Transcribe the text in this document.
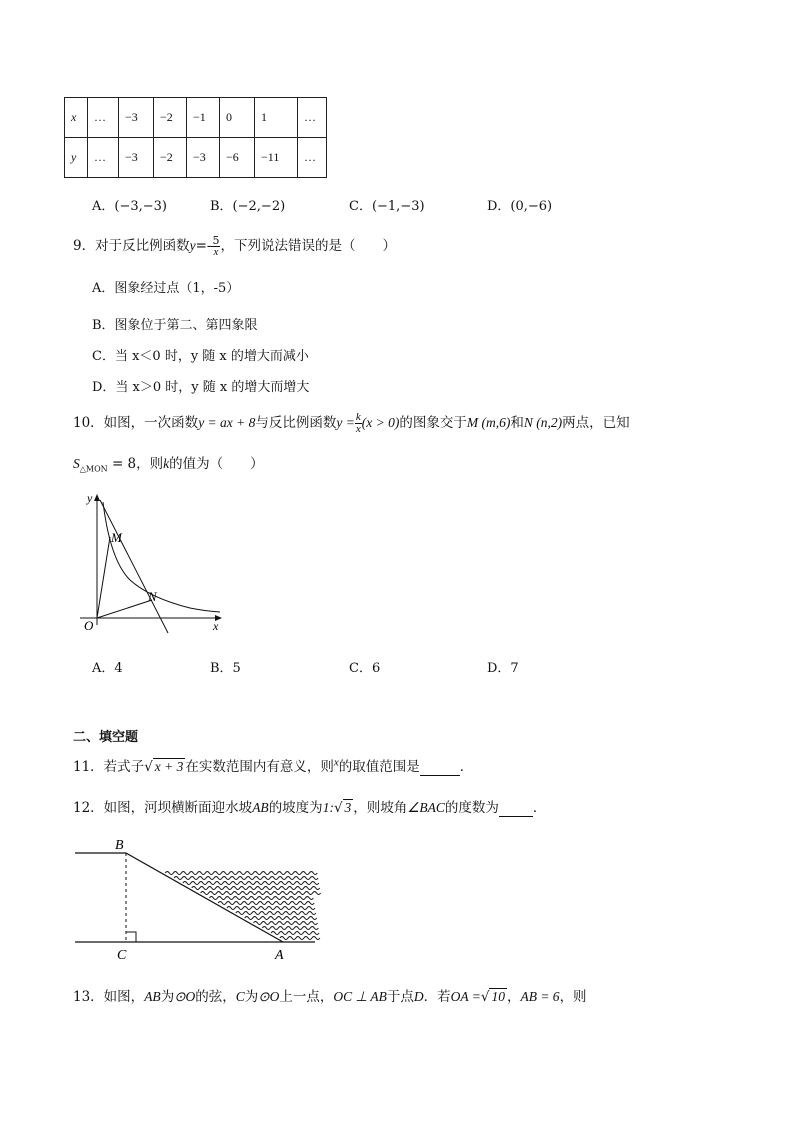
x	…	−3	−2	−1	0	1	…
y	…	−3	−2	−3	−6	−11	…
A．(−3,−3)	B．(−2,−2)	C．(−1,−3)	D．(0,−6)
9．对于反比例函数$y=- \frac{5}{x}$ ，下列说法错误的是（　　）
A．图象经过点（1，-5）
B．图象位于第二、第四象限
C．当 x＜0 时，y 随 x 的增大而减小
D．当 x＞0 时，y 随 x 的增大而增大
10．如图，一次函数y = ax + 8与反比例函数$y = \frac{k}{x} (x > 0)$的图象交于M (m,6)和N (n,2)两点，已知
$S_{\triangle MON} = 8$，则k的值为（　　）
y
x
O
M
N
A．4	B．5	C．6	D．7
二、填空题
11．若式子√ x + 3 在实数范围内有意义，则$^x$的取值范围是	．
12．如图，河坝横断面迎水坡AB的坡度为1:√ 3 ，则坡角∠BAC的度数为	．
B
C	A
13．如图，AB为⊙O的弦，C为⊙O上一点，OC ⊥ AB于点D．若OA =√ 10 ，AB = 6，则
